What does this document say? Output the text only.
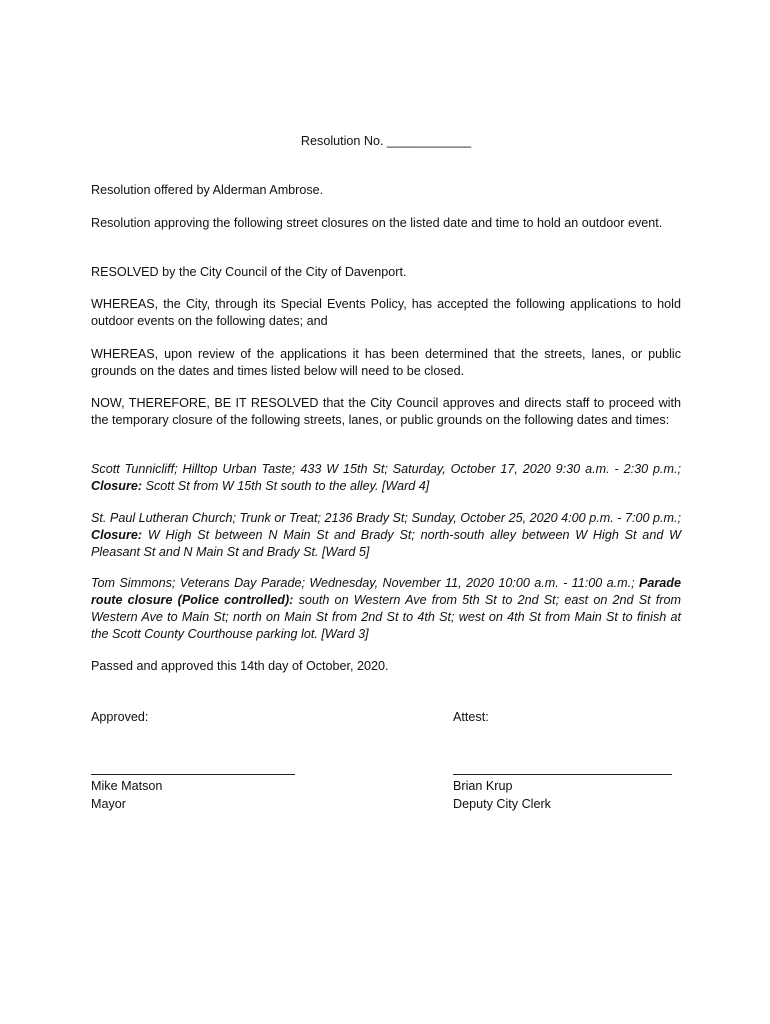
Resolution No. ____________

Resolution offered by Alderman Ambrose.

Resolution approving the following street closures on the listed date and time to hold an outdoor event.

RESOLVED by the City Council of the City of Davenport.

WHEREAS, the City, through its Special Events Policy, has accepted the following applications to hold outdoor events on the following dates; and

WHEREAS, upon review of the applications it has been determined that the streets, lanes, or public grounds on the dates and times listed below will need to be closed.

NOW, THEREFORE, BE IT RESOLVED that the City Council approves and directs staff to proceed with the temporary closure of the following streets, lanes, or public grounds on the following dates and times:

Scott Tunnicliff; Hilltop Urban Taste; 433 W 15th St; Saturday, October 17, 2020 9:30 a.m. - 2:30 p.m.; Closure: Scott St from W 15th St south to the alley. [Ward 4]

St. Paul Lutheran Church; Trunk or Treat; 2136 Brady St; Sunday, October 25, 2020 4:00 p.m. - 7:00 p.m.; Closure: W High St between N Main St and Brady St; north-south alley between W High St and W Pleasant St and N Main St and Brady St. [Ward 5]

Tom Simmons; Veterans Day Parade; Wednesday, November 11, 2020 10:00 a.m. - 11:00 a.m.; Parade route closure (Police controlled): south on Western Ave from 5th St to 2nd St; east on 2nd St from Western Ave to Main St; north on Main St from 2nd St to 4th St; west on 4th St from Main St to finish at the Scott County Courthouse parking lot. [Ward 3]

Passed and approved this 14th day of October, 2020.

Approved:	Attest:
Mike Matson
Mayor
Brian Krup
Deputy City Clerk
